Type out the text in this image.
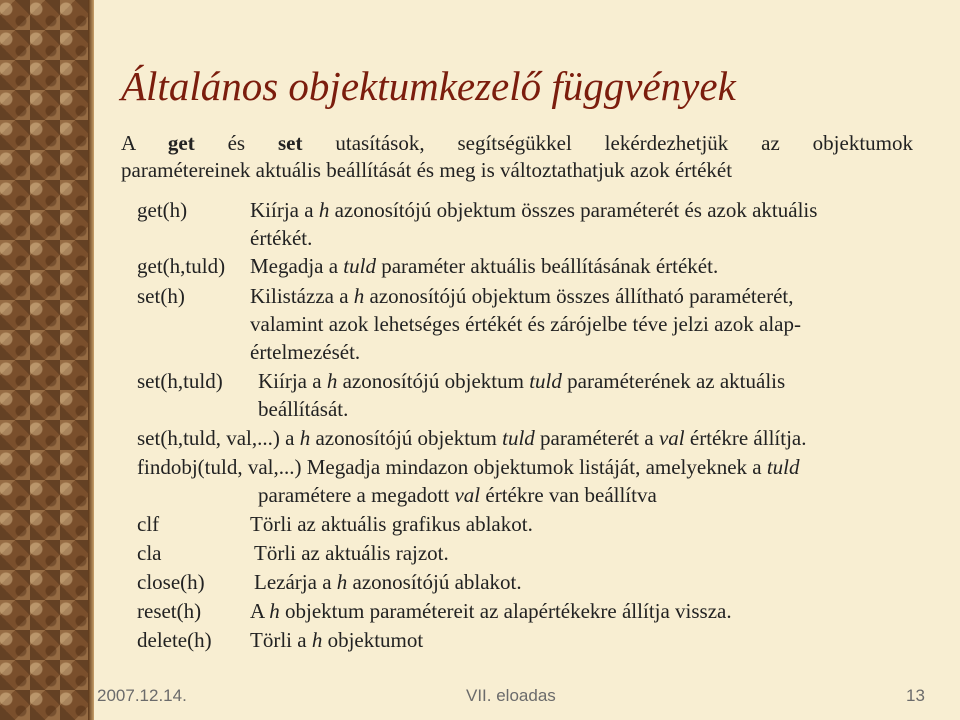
Általános objektumkezelő függvények
A get és set utasítások, segítségükkel lekérdezhetjük az objektumok
paramétereinek aktuális beállítását és meg is változtathatjuk azok értékét
get(h)	Kiírja a h azonosítójú objektum összes paraméterét és azok aktuális
értékét.
get(h,tuld) Megadja a tuld paraméter aktuális beállításának értékét.
set(h)	Kilistázza a h azonosítójú objektum összes állítható paraméterét,
valamint azok lehetséges értékét és zárójelbe téve jelzi azok alap-
értelmezését.
set(h,tuld) Kiírja a h azonosítójú objektum tuld paraméterének az aktuális
beállítását.
set(h,tuld, val,...) a h azonosítójú objektum tuld paraméterét a val értékre állítja.
findobj(tuld, val,...) Megadja mindazon objektumok listáját, amelyeknek a tuld
paramétere a megadott val értékre van beállítva
clf	Törli az aktuális grafikus ablakot.
cla	Törli az aktuális rajzot.
close(h) Lezárja a h azonosítójú ablakot.
reset(h) A h objektum paramétereit az alapértékekre állítja vissza.
delete(h) Törli a h objektumot
2007.12.14.	VII. eloadas	13
